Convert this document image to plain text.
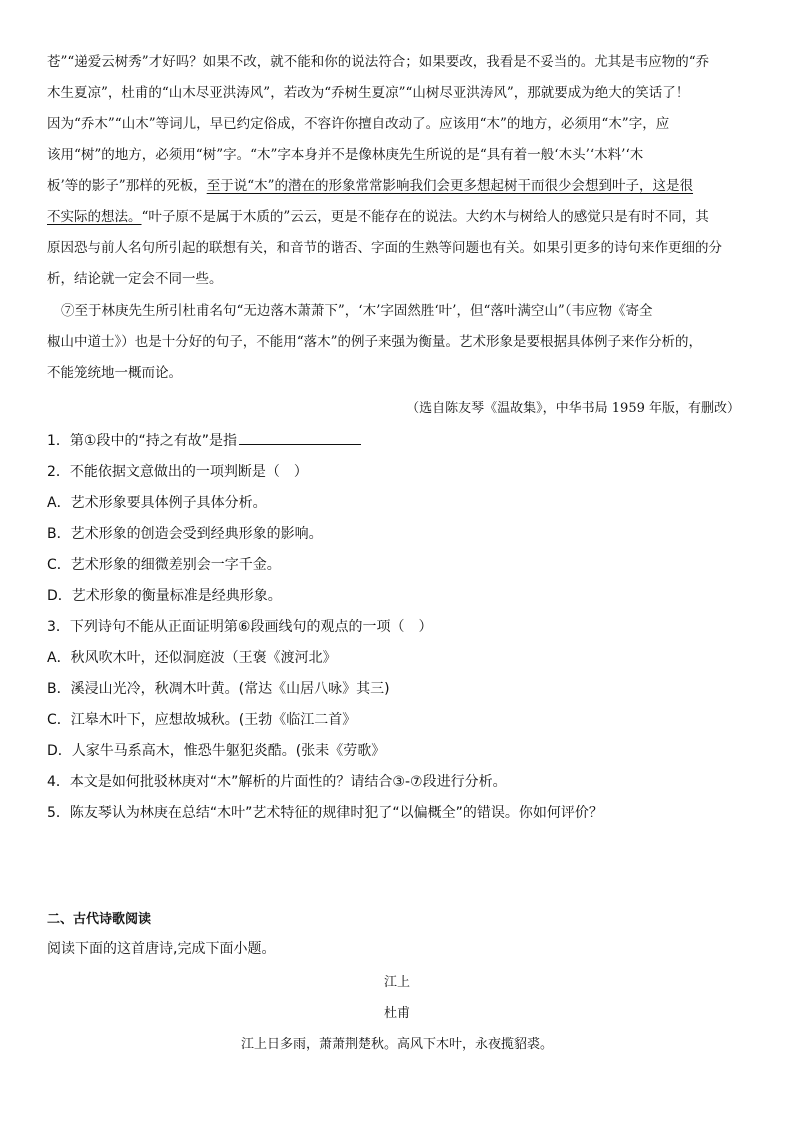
苍”“递爱云树秀”才好吗？如果不改，就不能和你的说法符合；如果要改，我看是不妥当的。尤其是韦应物的“乔
木生夏凉”，杜甫的“山木尽亚洪涛风”，若改为“乔树生夏凉”“山树尽亚洪涛风”，那就要成为绝大的笑话了！
因为“乔木”“山木”等词儿，早已约定俗成，不容许你擅自改动了。应该用“木”的地方，必须用“木”字，应
该用“树”的地方，必须用“树”字。“木”字本身并不是像林庚先生所说的是“具有着一般‘木头’‘木料’‘木
板’等的影子”那样的死板，至于说“木”的潜在的形象常常影响我们会更多想起树干而很少会想到叶子，这是很
不实际的想法。“叶子原不是属于木质的”云云，更是不能存在的说法。大约木与树给人的感觉只是有时不同，其
原因恐与前人名句所引起的联想有关，和音节的谐否、字面的生熟等问题也有关。如果引更多的诗句来作更细的分
析，结论就一定会不同一些。
⑦至于林庚先生所引杜甫名句“无边落木萧萧下”，‘木’字固然胜‘叶’，但“落叶满空山”（韦应物《寄全
椒山中道士》）也是十分好的句子，不能用“落木”的例子来强为衡量。艺术形象是要根据具体例子来作分析的，
不能笼统地一概而论。
（选自陈友琴《温故集》，中华书局 1959 年版，有删改）
1．第①段中的“持之有故”是指
2．不能依据文意做出的一项判断是（　）
A．艺术形象要具体例子具体分析。
B．艺术形象的创造会受到经典形象的影响。
C．艺术形象的细微差别会一字千金。
D．艺术形象的衡量标准是经典形象。
3．下列诗句不能从正面证明第⑥段画线句的观点的一项（　）
A．秋风吹木叶，还似洞庭波（王褒《渡河北》
B．溪浸山光冷，秋凋木叶黄。(常达《山居八咏》其三)
C．江皋木叶下，应想故城秋。(王勃《临江二首》
D．人家牛马系高木，惟恐牛躯犯炎酷。(张耒《劳歌》
4．本文是如何批驳林庚对“木”解析的片面性的？请结合③-⑦段进行分析。
5．陈友琴认为林庚在总结“木叶”艺术特征的规律时犯了“以偏概全”的错误。你如何评价？
二、古代诗歌阅读
阅读下面的这首唐诗,完成下面小题。
江上
杜甫
江上日多雨，萧萧荆楚秋。高风下木叶，永夜揽貂裘。
